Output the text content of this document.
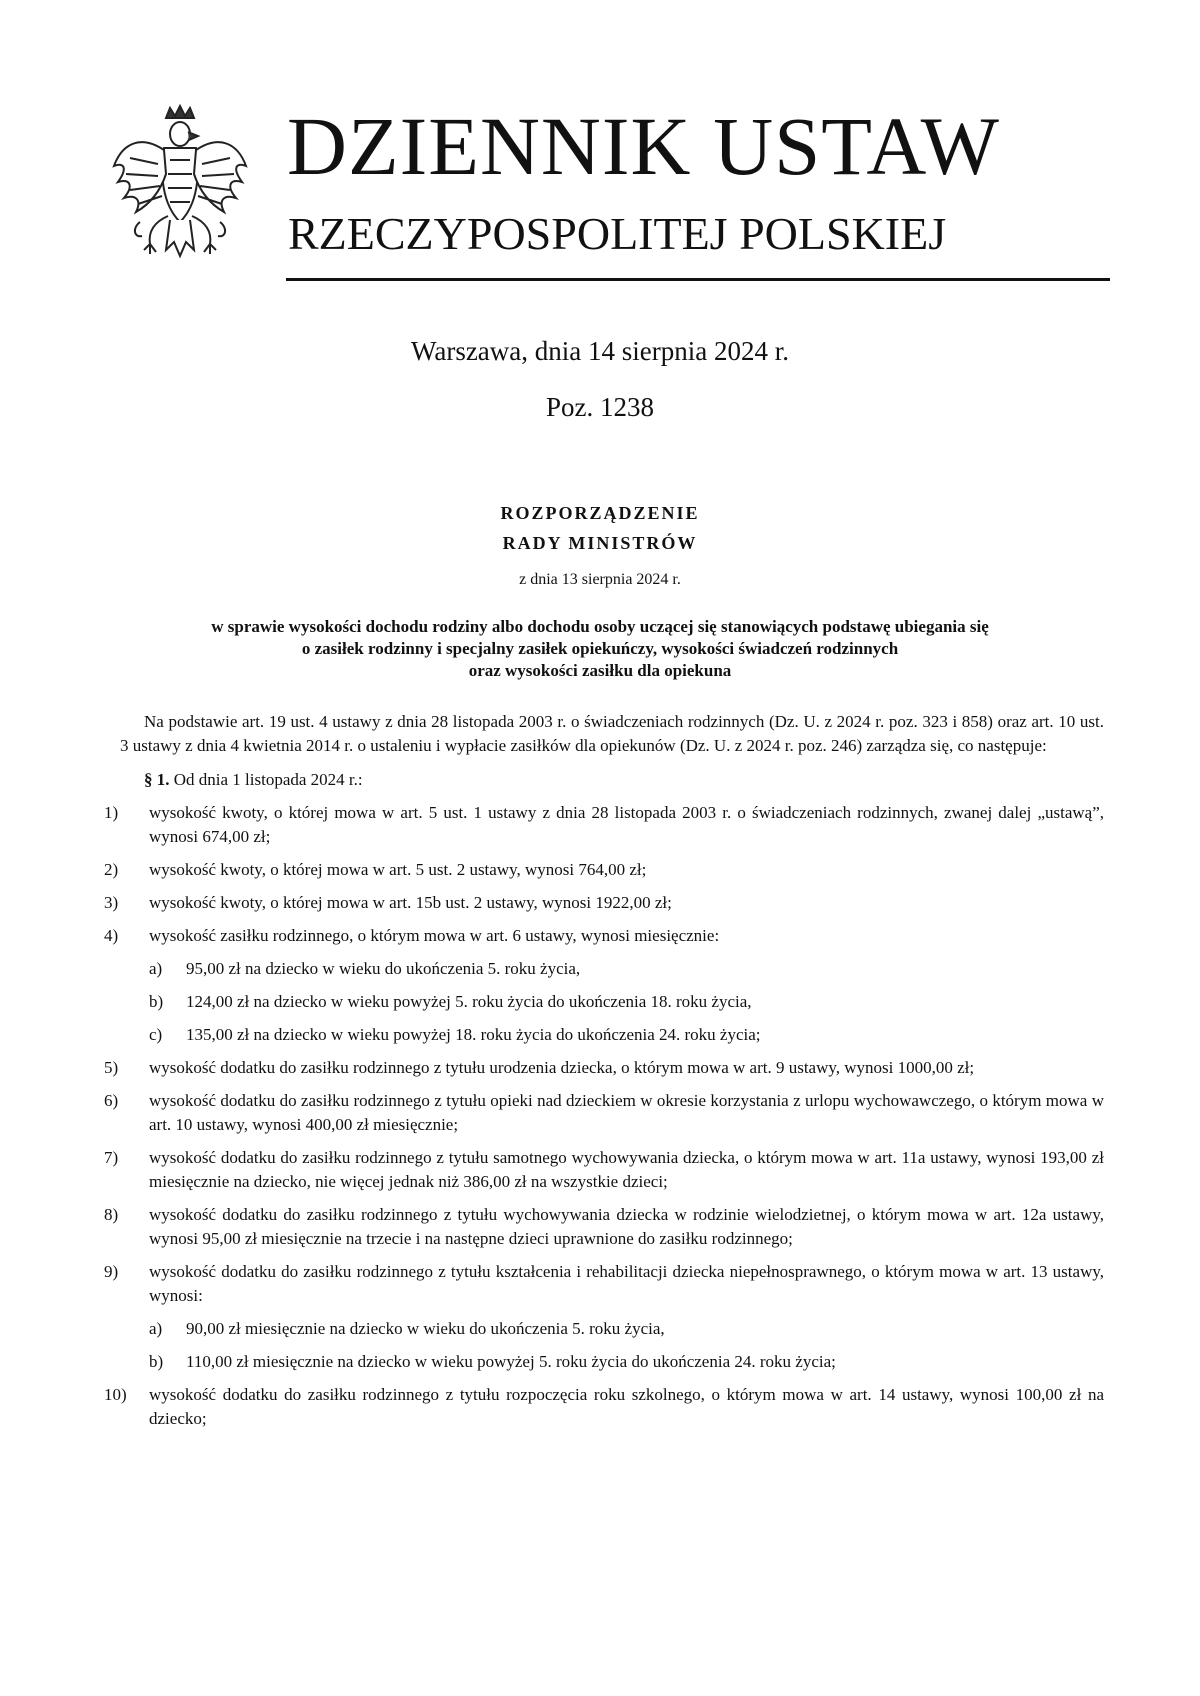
DZIENNIK USTAW
RZECZYPOSPOLITEJ POLSKIEJ
Warszawa, dnia 14 sierpnia 2024 r.
Poz. 1238
ROZPORZĄDZENIE
RADY MINISTRÓW
z dnia 13 sierpnia 2024 r.
w sprawie wysokości dochodu rodziny albo dochodu osoby uczącej się stanowiących podstawę ubiegania się
o zasiłek rodzinny i specjalny zasiłek opiekuńczy, wysokości świadczeń rodzinnych
oraz wysokości zasiłku dla opiekuna

Na podstawie art. 19 ust. 4 ustawy z dnia 28 listopada 2003 r. o świadczeniach rodzinnych (Dz. U. z 2024 r. poz. 323 i 858) oraz art. 10 ust. 3 ustawy z dnia 4 kwietnia 2014 r. o ustaleniu i wypłacie zasiłków dla opiekunów (Dz. U. z 2024 r. poz. 246) zarządza się, co następuje:

§ 1. Od dnia 1 listopada 2024 r.:

1)	wysokość kwoty, o której mowa w art. 5 ust. 1 ustawy z dnia 28 listopada 2003 r. o świadczeniach rodzinnych, zwanej dalej „ustawą”, wynosi 674,00 zł;
2)	wysokość kwoty, o której mowa w art. 5 ust. 2 ustawy, wynosi 764,00 zł;
3)	wysokość kwoty, o której mowa w art. 15b ust. 2 ustawy, wynosi 1922,00 zł;
4)	wysokość zasiłku rodzinnego, o którym mowa w art. 6 ustawy, wynosi miesięcznie:
a) 95,00 zł na dziecko w wieku do ukończenia 5. roku życia,
b) 124,00 zł na dziecko w wieku powyżej 5. roku życia do ukończenia 18. roku życia,
c) 135,00 zł na dziecko w wieku powyżej 18. roku życia do ukończenia 24. roku życia;
5)	wysokość dodatku do zasiłku rodzinnego z tytułu urodzenia dziecka, o którym mowa w art. 9 ustawy, wynosi 1000,00 zł;
6)	wysokość dodatku do zasiłku rodzinnego z tytułu opieki nad dzieckiem w okresie korzystania z urlopu wychowawczego, o którym mowa w art. 10 ustawy, wynosi 400,00 zł miesięcznie;
7)	wysokość dodatku do zasiłku rodzinnego z tytułu samotnego wychowywania dziecka, o którym mowa w art. 11a ustawy, wynosi 193,00 zł miesięcznie na dziecko, nie więcej jednak niż 386,00 zł na wszystkie dzieci;
8)	wysokość dodatku do zasiłku rodzinnego z tytułu wychowywania dziecka w rodzinie wielodzietnej, o którym mowa w art. 12a ustawy, wynosi 95,00 zł miesięcznie na trzecie i na następne dzieci uprawnione do zasiłku rodzinnego;
9)	wysokość dodatku do zasiłku rodzinnego z tytułu kształcenia i rehabilitacji dziecka niepełnosprawnego, o którym mowa w art. 13 ustawy, wynosi:
a) 90,00 zł miesięcznie na dziecko w wieku do ukończenia 5. roku życia,
b) 110,00 zł miesięcznie na dziecko w wieku powyżej 5. roku życia do ukończenia 24. roku życia;
10)	wysokość dodatku do zasiłku rodzinnego z tytułu rozpoczęcia roku szkolnego, o którym mowa w art. 14 ustawy, wynosi 100,00 zł na dziecko;
